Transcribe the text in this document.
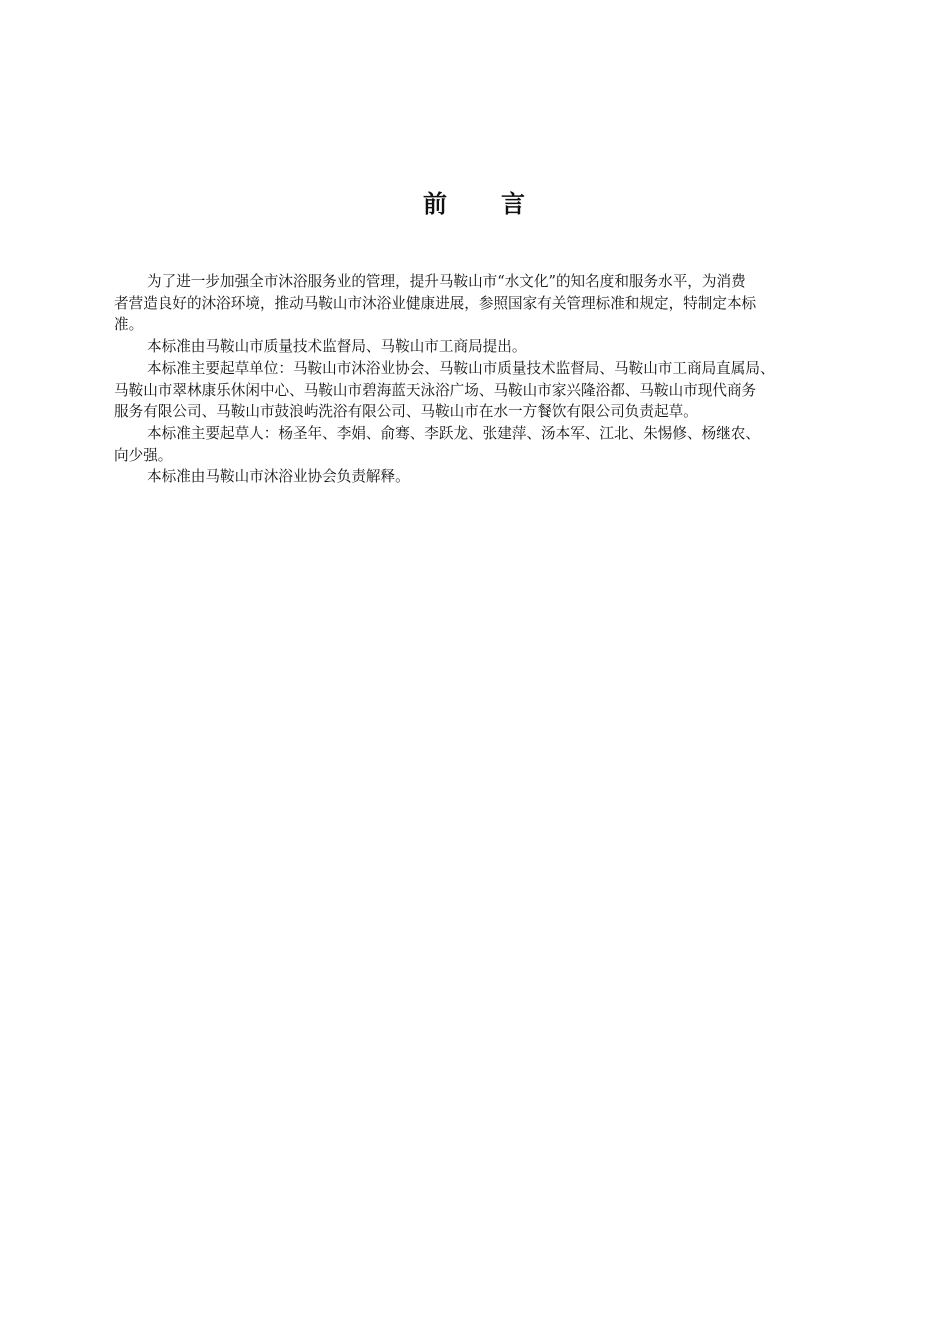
前 言

为了进一步加强全市沐浴服务业的管理，提升马鞍山市“水文化”的知名度和服务水平，为消费
者营造良好的沐浴环境，推动马鞍山市沐浴业健康进展，参照国家有关管理标准和规定，特制定本标
准。

本标准由马鞍山市质量技术监督局、马鞍山市工商局提出。

本标准主要起草单位：马鞍山市沐浴业协会、马鞍山市质量技术监督局、马鞍山市工商局直属局、
马鞍山市翠林康乐休闲中心、马鞍山市碧海蓝天泳浴广场、马鞍山市家兴隆浴都、马鞍山市现代商务
服务有限公司、马鞍山市鼓浪屿洗浴有限公司、马鞍山市在水一方餐饮有限公司负责起草。

本标准主要起草人：杨圣年、李娟、俞骞、李跃龙、张建萍、汤本军、江北、朱惕修、杨继农、
向少强。

本标准由马鞍山市沐浴业协会负责解释。
